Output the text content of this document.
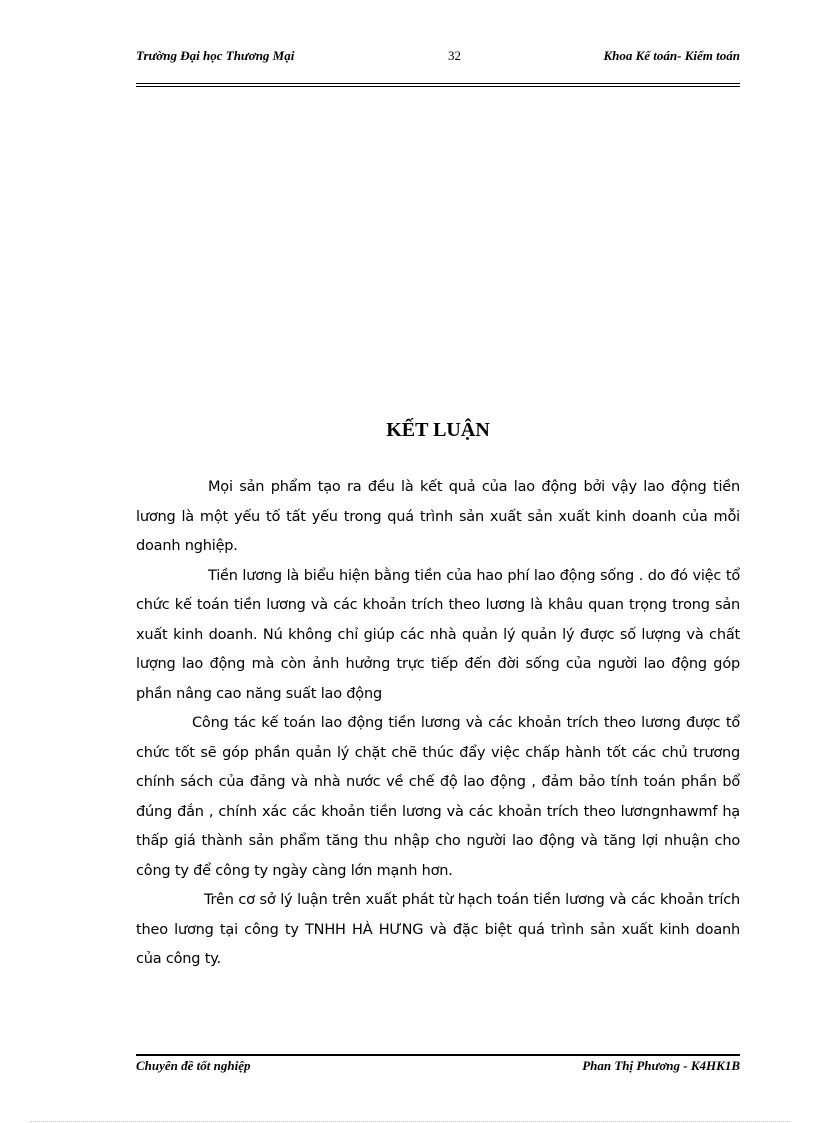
Trường Đại học Thương Mại	32	Khoa Kế toán- Kiểm toán
KẾT LUẬN

Mọi sản phẩm tạo ra đều là kết quả của lao động bởi vậy lao động tiền lương là một yếu tố tất yếu trong quá trình sản xuất sản xuất kinh doanh của mỗi doanh nghiệp.

Tiền lương là biểu hiện bằng tiền của hao phí lao động sống . do đó việc tổ chức kế toán tiền lương và các khoản trích theo lương là khâu quan trọng trong sản xuất kinh doanh. Nú không chỉ giúp các nhà quản lý quản lý được số lượng và chất lượng lao động mà còn ảnh hưởng trực tiếp đến đời sống của người lao động góp phần nâng cao năng suất lao động

Công tác kế toán lao động tiền lương và các khoản trích theo lương được tổ chức tốt sẽ góp phần quản lý chặt chẽ thúc đẩy việc chấp hành tốt các chủ trương chính sách của đảng và nhà nước về chế độ lao động , đảm bảo tính toán phần bổ đúng đắn , chính xác các khoản tiền lương và các khoản trích theo lươngnhawmf hạ thấp giá thành sản phẩm tăng thu nhập cho người lao động và tăng lợi nhuận cho công ty để công ty ngày càng lớn mạnh hơn.

Trên cơ sở lý luận trên xuất phát từ hạch toán tiền lương và các khoản trích theo lương tại công ty TNHH HÀ HƯNG và đặc biệt quá trình sản xuất kinh doanh của công ty.

Chuyên đề tốt nghiệp	Phan Thị Phương - K4HK1B
